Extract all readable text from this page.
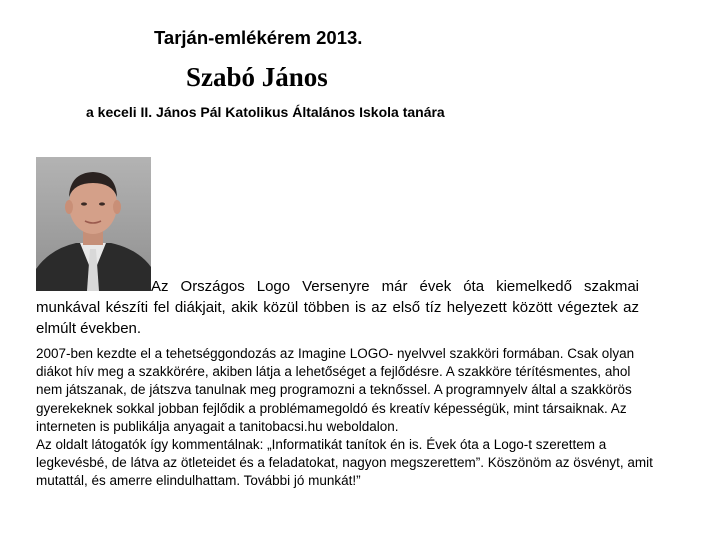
Tarján-emlékérem 2013.
Szabó János
a keceli II. János Pál Katolikus Általános Iskola tanára

Az Országos Logo Versenyre már évek óta kiemelkedő szakmai munkával készíti fel diákjait, akik közül többen is az első tíz helyezett között végeztek az elmúlt években.

2007-ben kezdte el a tehetséggondozás az Imagine LOGO- nyelvvel szakköri formában. Csak olyan diákot hív meg a szakkörére, akiben látja a lehetőséget a fejlődésre. A szakköre térítésmentes, ahol nem játszanak, de játszva tanulnak meg programozni a teknőssel. A programnyelv által a szakkörös gyerekeknek sokkal jobban fejlődik a problémamegoldó és kreatív képességük, mint társaiknak. Az interneten is publikálja anyagait a tanitobacsi.hu weboldalon.

Az oldalt látogatók így kommentálnak: „Informatikát tanítok én is. Évek óta a Logo-t szerettem a legkevésbé, de látva az ötleteidet és a feladatokat, nagyon megszerettem”. Köszönöm az ösvényt, amit mutattál, és amerre elindulhattam. További jó munkát!”
